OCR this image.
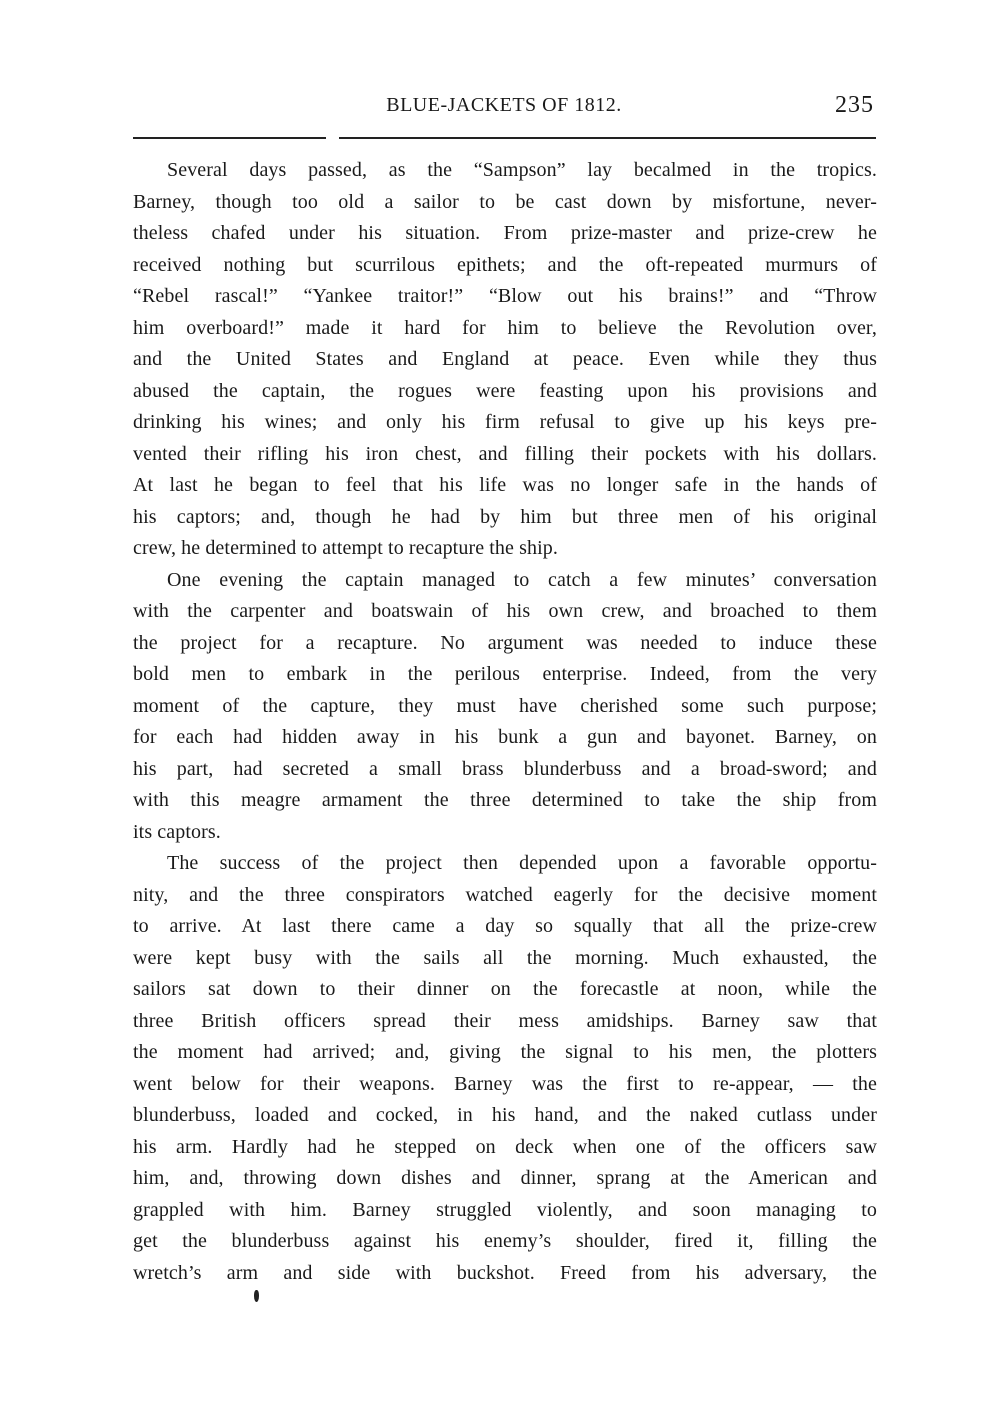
BLUE-JACKETS OF 1812.	235
Several days passed, as the “Sampson” lay becalmed in the tropics.
Barney, though too old a sailor to be cast down by misfortune, never-
theless chafed under his situation. From prize-master and prize-crew he
received nothing but scurrilous epithets; and the oft-repeated murmurs of
“Rebel rascal!” “Yankee traitor!” “Blow out his brains!” and “Throw
him overboard!” made it hard for him to believe the Revolution over,
and the United States and England at peace. Even while they thus
abused the captain, the rogues were feasting upon his provisions and
drinking his wines; and only his firm refusal to give up his keys pre-
vented their rifling his iron chest, and filling their pockets with his dollars.
At last he began to feel that his life was no longer safe in the hands of
his captors; and, though he had by him but three men of his original
crew, he determined to attempt to recapture the ship.
One evening the captain managed to catch a few minutes’ conversation
with the carpenter and boatswain of his own crew, and broached to them
the project for a recapture. No argument was needed to induce these
bold men to embark in the perilous enterprise. Indeed, from the very
moment of the capture, they must have cherished some such purpose;
for each had hidden away in his bunk a gun and bayonet. Barney, on
his part, had secreted a small brass blunderbuss and a broad-sword; and
with this meagre armament the three determined to take the ship from
its captors.
The success of the project then depended upon a favorable opportu-
nity, and the three conspirators watched eagerly for the decisive moment
to arrive. At last there came a day so squally that all the prize-crew
were kept busy with the sails all the morning. Much exhausted, the
sailors sat down to their dinner on the forecastle at noon, while the
three British officers spread their mess amidships. Barney saw that
the moment had arrived; and, giving the signal to his men, the plotters
went below for their weapons. Barney was the first to re-appear, — the
blunderbuss, loaded and cocked, in his hand, and the naked cutlass under
his arm. Hardly had he stepped on deck when one of the officers saw
him, and, throwing down dishes and dinner, sprang at the American and
grappled with him. Barney struggled violently, and soon managing to
get the blunderbuss against his enemy’s shoulder, fired it, filling the
wretch’s arm and side with buckshot. Freed from his adversary, the
